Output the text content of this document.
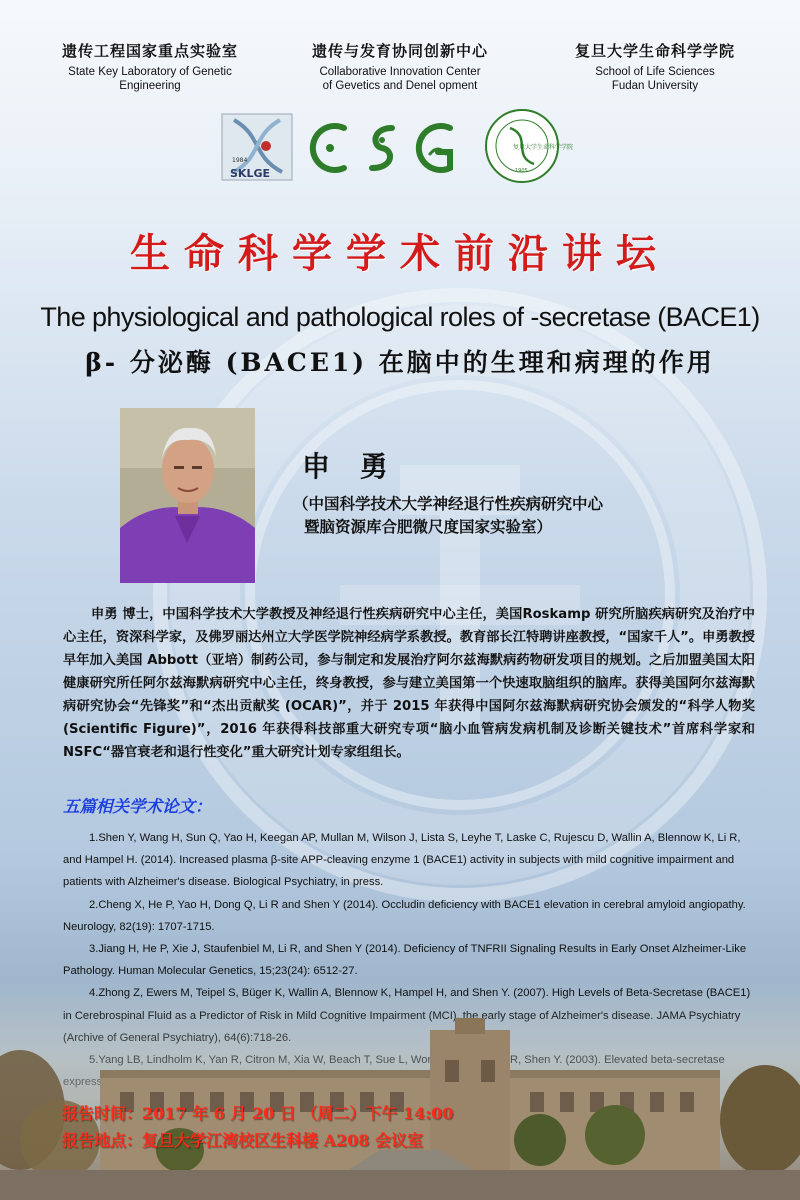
遗传工程国家重点实验室
State Key Laboratory of Genetic
Engineering
遗传与发育协同创新中心
Collaborative Innovation Center
of Gevetics and Denel opment
复旦大学生命科学学院
School of Life Sciences
Fudan University
1984
SKLGE
复旦大学生命科学学院
1905
生命科学学术前沿讲坛
The physiological and pathological roles of -secretase (BACE1)
β- 分泌酶 (BACE1) 在脑中的生理和病理的作用
申 勇
（中国科学技术大学神经退行性疾病研究中心
暨脑资源库合肥微尺度国家实验室）
申勇 博士，中国科学技术大学教授及神经退行性疾病研究中心主任，美国Roskamp 研究所脑疾病研究及治疗中心主任，资深科学家，及佛罗丽达州立大学医学院神经病学系教授。教育部长江特聘讲座教授，“国家千人”。申勇教授早年加入美国 Abbott（亚培）制药公司，参与制定和发展治疗阿尔兹海默病药物研发项目的规划。之后加盟美国太阳健康研究所任阿尔兹海默病研究中心主任，终身教授，参与建立美国第一个快速取脑组织的脑库。获得美国阿尔兹海默病研究协会“先锋奖”和“杰出贡献奖 (OCAR)”，并于 2015 年获得中国阿尔兹海默病研究协会颁发的“科学人物奖 (Scientific Figure)”，2016 年获得科技部重大研究专项“脑小血管病发病机制及诊断关键技术”首席科学家和 NSFC“器官衰老和退行性变化”重大研究计划专家组组长。
五篇相关学术论文：

1.Shen Y, Wang H, Sun Q, Yao H, Keegan AP, Mullan M, Wilson J, Lista S, Leyhe T, Laske C, Rujescu D, Wallin A, Blennow K, Li R, and Hampel H. (2014). Increased plasma β-site APP-cleaving enzyme 1 (BACE1) activity in subjects with mild cognitive impairment and patients with Alzheimer's disease. Biological Psychiatry, in press.

2.Cheng X, He P, Yao H, Dong Q, Li R and Shen Y (2014). Occludin deficiency with BACE1 elevation in cerebral amyloid angiopathy. Neurology, 82(19): 1707-1715.

3.Jiang H, He P, Xie J, Staufenbiel M, Li R, and Shen Y (2014). Deficiency of TNFRII Signaling Results in Early Onset Alzheimer-Like Pathology. Human Molecular Genetics, 15;23(24): 6512-27.

4.Zhong Z, Ewers M, Teipel S, Büger K, Wallin A, Blennow K, Hampel H, and Shen Y. (2007). High Levels of Beta-Secretase (BACE1)

报告时间：2017 年 6 月 20 日 （周二）下午 14:00
报告地点：复旦大学江湾校区生科楼 A208 会议室
